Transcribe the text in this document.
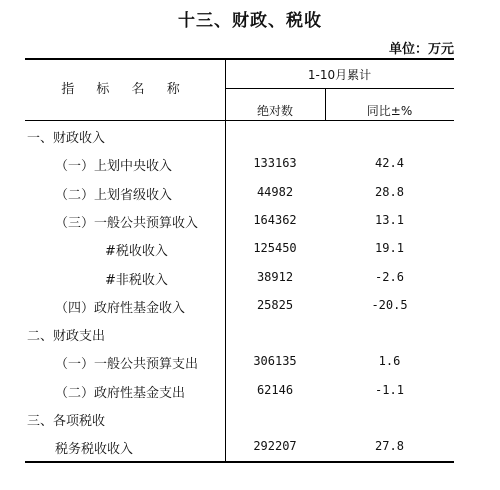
十三、财政、税收
单位：万元
指 标 名 称
1-10月累计
绝对数	同比±%
一、财政收入
（一）上划中央收入	133163	42.4
（二）上划省级收入	44982	28.8
（三）一般公共预算收入	164362	13.1
#税收收入	125450	19.1
#非税收入	38912	-2.6
（四）政府性基金收入	25825	-20.5
二、财政支出
（一）一般公共预算支出	306135	1.6
（二）政府性基金支出	62146	-1.1
三、各项税收
税务税收收入	292207	27.8
